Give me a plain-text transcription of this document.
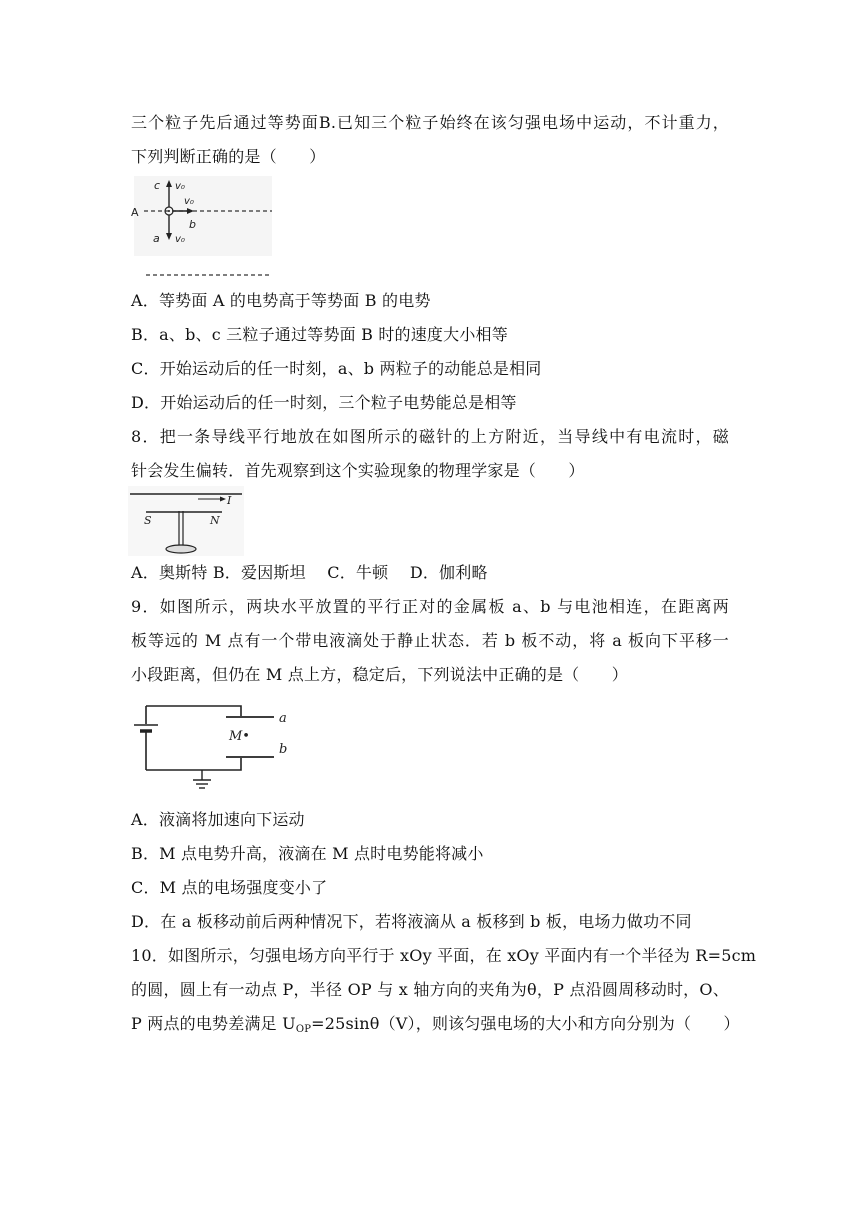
三个粒子先后通过等势面B.已知三个粒子始终在该匀强电场中运动，不计重力，
下列判断正确的是（　　）
A
c
a
b
v₀
v₀
v₀
A．等势面 A 的电势高于等势面 B 的电势
B．a、b、c 三粒子通过等势面 B 时的速度大小相等
C．开始运动后的任一时刻，a、b 两粒子的动能总是相同
D．开始运动后的任一时刻，三个粒子电势能总是相等
8．把一条导线平行地放在如图所示的磁针的上方附近，当导线中有电流时，磁
针会发生偏转．首先观察到这个实验现象的物理学家是（　　）
I
S	N
A．奥斯特 B．爱因斯坦　 C．牛顿　 D．伽利略
9．如图所示，两块水平放置的平行正对的金属板 a、b 与电池相连，在距离两
板等远的 M 点有一个带电液滴处于静止状态．若 b 板不动，将 a 板向下平移一
小段距离，但仍在 M 点上方，稳定后，下列说法中正确的是（　　）
a
b
M•
A．液滴将加速向下运动
B．M 点电势升高，液滴在 M 点时电势能将减小
C．M 点的电场强度变小了
D．在 a 板移动前后两种情况下，若将液滴从 a 板移到 b 板，电场力做功不同
10．如图所示，匀强电场方向平行于 xOy 平面，在 xOy 平面内有一个半径为 R=5cm
的圆，圆上有一动点 P，半径 OP 与 x 轴方向的夹角为θ，P 点沿圆周移动时，O、
P 两点的电势差满足 $U_{OP}=25\sin\theta(V)$，则该匀强电场的大小和方向分别为（　　）
